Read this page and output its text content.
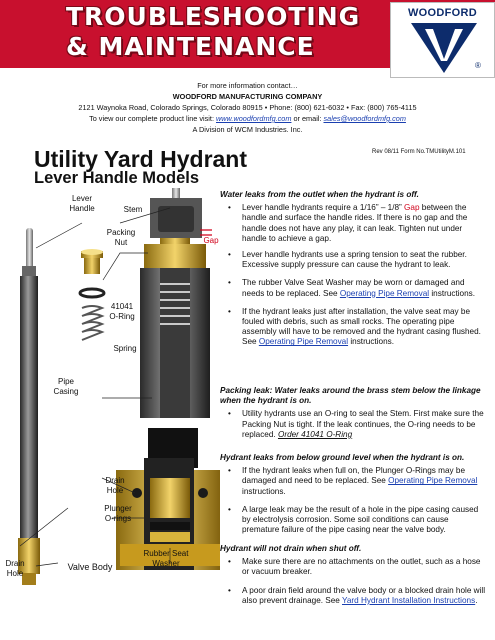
TROUBLESHOOTING
& MAINTENANCE
WOODFORD
®
For more information contact…
WOODFORD MANUFACTURING COMPANY
2121 Waynoka Road, Colorado Springs, Colorado 80915 • Phone: (800) 621-6032 • Fax: (800) 765-4115
To view our complete product line visit: www.woodfordmfg.com or email: sales@woodfordmfg.com
A Division of WCM Industries. Inc.
Utility Yard Hydrant
Lever Handle Models
Rev 08/11 Form No.TMUtilityM.101
Lever
Handle	Stem
Packing
Nut	Gap
41041
O-Ring
Spring
Pipe
Casing
Drain
Hole
Plunger
O-rings
Drain
Hole
Valve Body
Rubber Seat
Washer
Water leaks from the outlet when the hydrant is off.
• Lever handle hydrants require a 1/16” – 1/8” Gap between the handle and surface the handle rides. If there is no gap and the handle does not have any play, it can leak. Tighten nut under handle to achieve a gap.
• Lever handle hydrants use a spring tension to seat the rubber. Excessive supply pressure can cause the hydrant to leak.
• The rubber Valve Seat Washer may be worn or damaged and needs to be replaced. See Operating Pipe Removal instructions.
• If the hydrant leaks just after installation, the valve seat may be fouled with debris, such as small rocks. The operating pipe assembly will have to be removed and the hydrant casing flushed. See Operating Pipe Removal instructions.
Packing leak: Water leaks around the brass stem below the linkage when the hydrant is on.
• Utility hydrants use an O-ring to seal the Stem. First make sure the Packing Nut is tight. If the leak continues, the O-ring needs to be replaced. Order 41041 O-Ring
Hydrant leaks from below ground level when the hydrant is on.
• If the hydrant leaks when full on, the Plunger O-Rings may be damaged and need to be replaced. See Operating Pipe Removal instructions.
• A large leak may be the result of a hole in the pipe casing caused by electrolysis corrosion. Some soil conditions can cause premature failure of the pipe casing near the valve body.
Hydrant will not drain when shut off.
• Make sure there are no attachments on the outlet, such as a hose or vacuum breaker.
• A poor drain field around the valve body or a blocked drain hole will also prevent drainage. See Yard Hydrant Installation Instructions.
